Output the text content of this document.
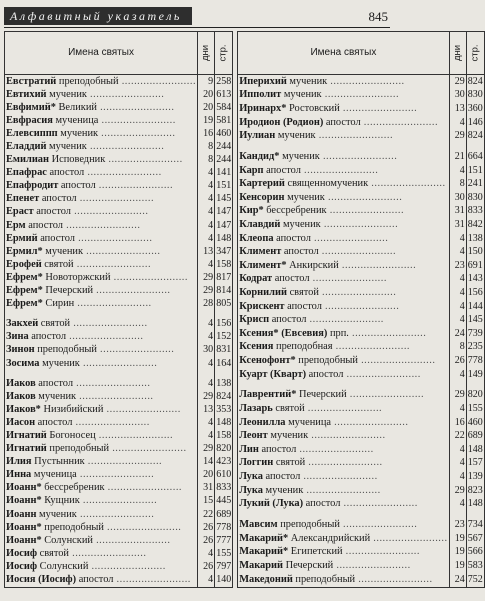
Алфавитный указатель	845
Имена святых	дни	стр.
Евстратий преподобный ........................	9	258
Евтихий мученик ........................	20	613
Евфимий* Великий ........................	20	584
Евфрасия мученица ........................	19	581
Елевсиппп мученик ........................	16	460
Еладдий мученик ........................	8	244
Емилиан Исповедник ........................	8	244
Епафрас апостол ........................	4	141
Епафродит апостол ........................	4	151
Епенет апостол ........................	4	145
Ераст апостол ........................	4	147
Ерм апостол ........................	4	147
Ермий апостол ........................	4	148
Ермил* мученик ........................	13	347
Ерофей святой ........................	4	158
Ефрем* Новоторжский ........................	29	817
Ефрем* Печерский ........................	29	814
Ефрем* Сирин ........................	28	805

Закхей святой ........................	4	156
Зина апостол ........................	4	152
Зинон преподобный ........................	30	831
Зосима мученик ........................	4	164

Иаков апостол ........................	4	138
Иаков мученик ........................	29	824
Иаков* Низибийский ........................	13	353
Иасон апостол ........................	4	148
Игнатий Богоносец ........................	4	158
Игнатий преподобный ........................	29	820
Илия Пустынник ........................	14	423
Инна мученица ........................	20	610
Иоанн* бессребреник ........................	31	833
Иоанн* Кущник ........................	15	445
Иоанн мученик ........................	22	689
Иоанн* преподобный ........................	26	778
Иоанн* Солунский ........................	26	777
Иосиф святой ........................	4	155
Иосиф Солунский ........................	26	797
Иосия (Иосиф) апостол ........................	4	140
Имена святых	дни	стр.
Иперихий мученик ........................	29	824
Ипполит мученик ........................	30	830
Иринарх* Ростовский ........................	13	360
Иродион (Родион) апостол ........................	4	146
Иулиан мученик ........................	29	824

Кандид* мученик ........................	21	664
Карп апостол ........................	4	151
Картерий священномученик ........................	8	241
Кенсорин мученик ........................	30	830
Кир* бессребреник ........................	31	833
Клавдий мученик ........................	31	842
Клеопа апостол ........................	4	138
Климент апостол ........................	4	150
Климент* Анкирский ........................	23	691
Кодрат апостол ........................	4	143
Корнилий святой ........................	4	156
Крискент апостол ........................	4	144
Крисп апостол ........................	4	145
Ксения* (Евсевия) прп. ........................	24	739
Ксения преподобная ........................	8	235
Ксенофонт* преподобный ........................	26	778
Куарт (Кварт) апостол ........................	4	149

Лаврентий* Печерский ........................	29	820
Лазарь святой ........................	4	155
Леонилла мученица ........................	16	460
Леонт мученик ........................	22	689
Лин апостол ........................	4	148
Логгин святой ........................	4	157
Лука апостол ........................	4	139
Лука мученик ........................	29	823
Лукий (Лука) апостол ........................	4	148

Мавсим преподобный ........................	23	734
Макарий* Александрийский ........................	19	567
Макарий* Египетский ........................	19	566
Макарий Печерский ........................	19	583
Македоний преподобный ........................	24	752
